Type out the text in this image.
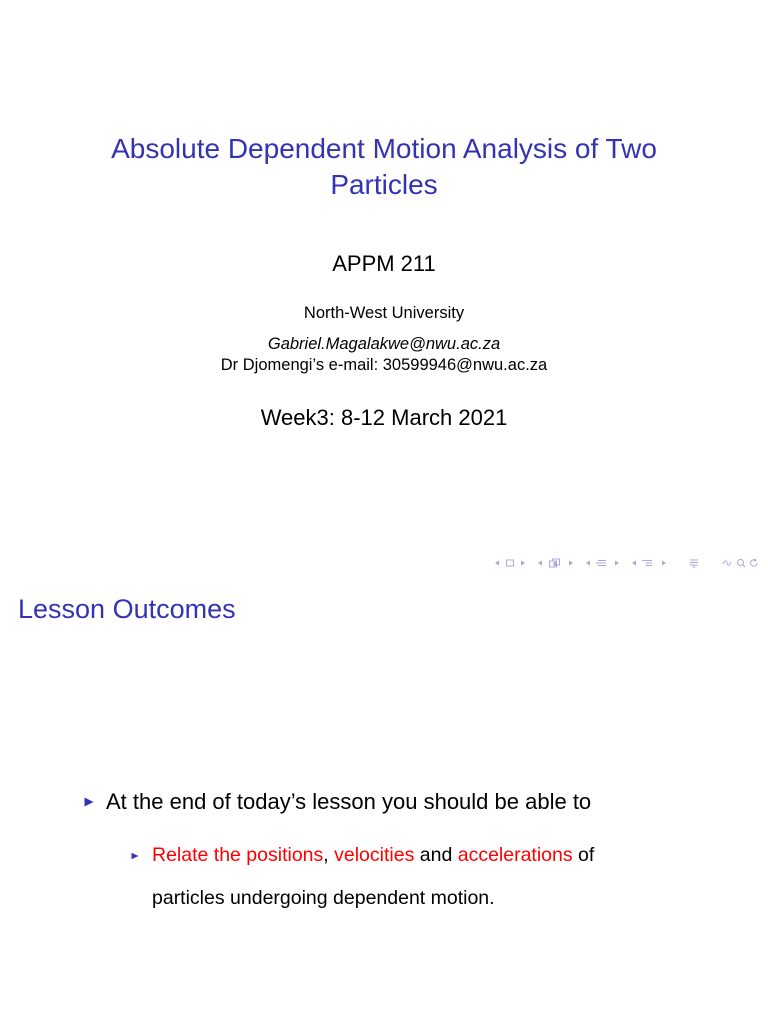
Absolute Dependent Motion Analysis of Two
Particles
APPM 211
North-West University
Gabriel.Magalakwe@nwu.ac.za
Dr Djomengi’s e-mail: 30599946@nwu.ac.za
Week3: 8-12 March 2021
Lesson Outcomes
At the end of today’s lesson you should be able to
Relate the positions, velocities and accelerations of
particles undergoing dependent motion.
